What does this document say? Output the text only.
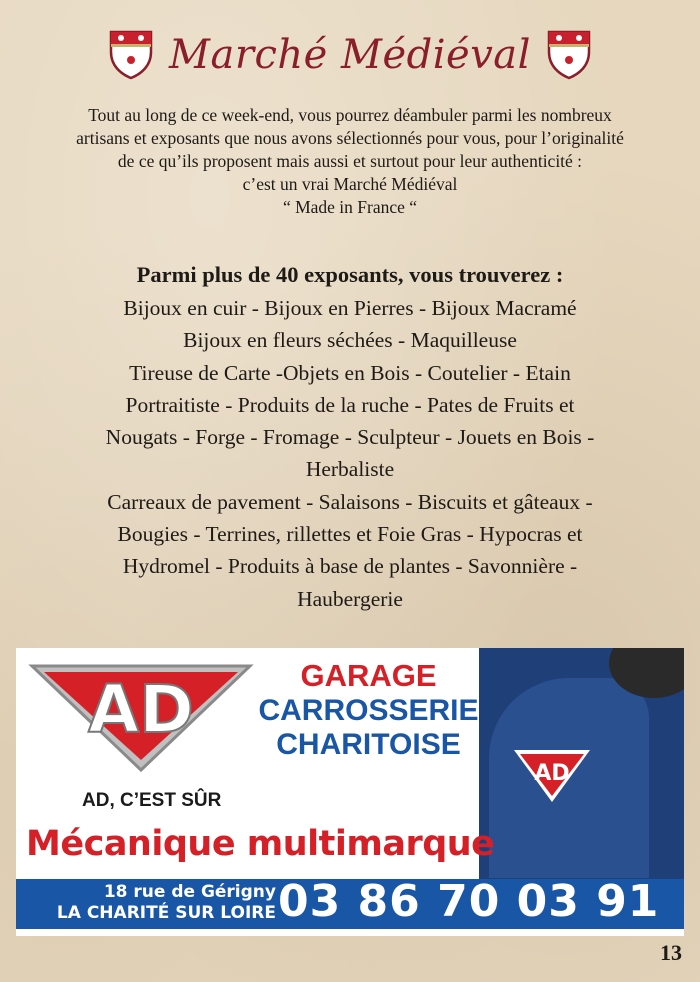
Marché Médiéval

Tout au long de ce week-end, vous pourrez déambuler parmi les nombreux

artisans et exposants que nous avons sélectionnés pour vous, pour l’originalité

de ce qu’ils proposent mais aussi et surtout pour leur authenticité :

c’est un vrai Marché Médiéval

“ Made in France “

Parmi plus de 40 exposants, vous trouverez :

Bijoux en cuir - Bijoux en Pierres - Bijoux Macramé

Bijoux en fleurs séchées - Maquilleuse

Tireuse de Carte -Objets en Bois - Coutelier - Etain

Portraitiste - Produits de la ruche - Pates de Fruits et

Nougats - Forge - Fromage - Sculpteur - Jouets en Bois -

Herbaliste

Carreaux de pavement - Salaisons - Biscuits et gâteaux -

Bougies - Terrines, rillettes et Foie Gras - Hypocras et

Hydromel - Produits à base de plantes - Savonnière -

Haubergerie

AD
AD, C’EST SÛR
GARAGE
CARROSSERIE
CHARITOISE
AD
Mécanique multimarque
18 rue de Gérigny
LA CHARITÉ SUR LOIRE 03 86 70 03 91
13
